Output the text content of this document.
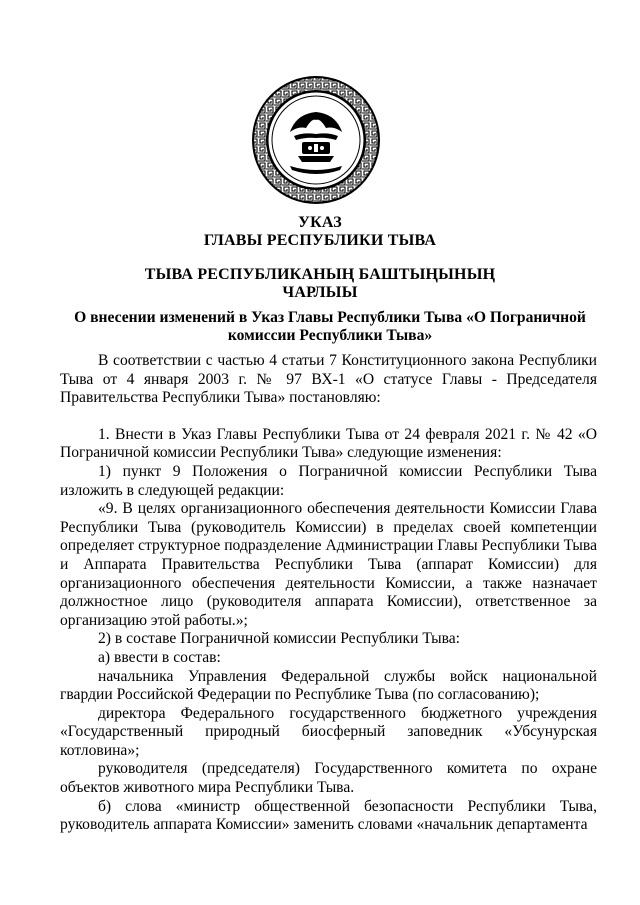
УКАЗ
ГЛАВЫ РЕСПУБЛИКИ ТЫВА
ТЫВА РЕСПУБЛИКАНЫҢ БАШТЫҢЫНЫҢ
ЧАРЛЫЫ
О внесении изменений в Указ Главы Республики Тыва «О Пограничной
комиссии Республики Тыва»

В соответствии с частью 4 статьи 7 Конституционного закона Республики Тыва от 4 января 2003 г. № 97 ВХ-1 «О статусе Главы - Председателя Правительства Республики Тыва» постановляю:

1. Внести в Указ Главы Республики Тыва от 24 февраля 2021 г. № 42 «О Пограничной комиссии Республики Тыва» следующие изменения:

1) пункт 9 Положения о Пограничной комиссии Республики Тыва изложить в следующей редакции:

«9. В целях организационного обеспечения деятельности Комиссии Глава Республики Тыва (руководитель Комиссии) в пределах своей компетенции определяет структурное подразделение Администрации Главы Республики Тыва и Аппарата Правительства Республики Тыва (аппарат Комиссии) для организационного обеспечения деятельности Комиссии, а также назначает должностное лицо (руководителя аппарата Комиссии), ответственное за организацию этой работы.»;

2) в составе Пограничной комиссии Республики Тыва:

а) ввести в состав:

начальника Управления Федеральной службы войск национальной гвардии Российской Федерации по Республике Тыва (по согласованию);

директора Федерального государственного бюджетного учреждения «Государственный природный биосферный заповедник «Убсунурская котловина»;

руководителя (председателя) Государственного комитета по охране объектов животного мира Республики Тыва.

б) слова «министр общественной безопасности Республики Тыва, руководитель аппарата Комиссии» заменить словами «начальник департамента
